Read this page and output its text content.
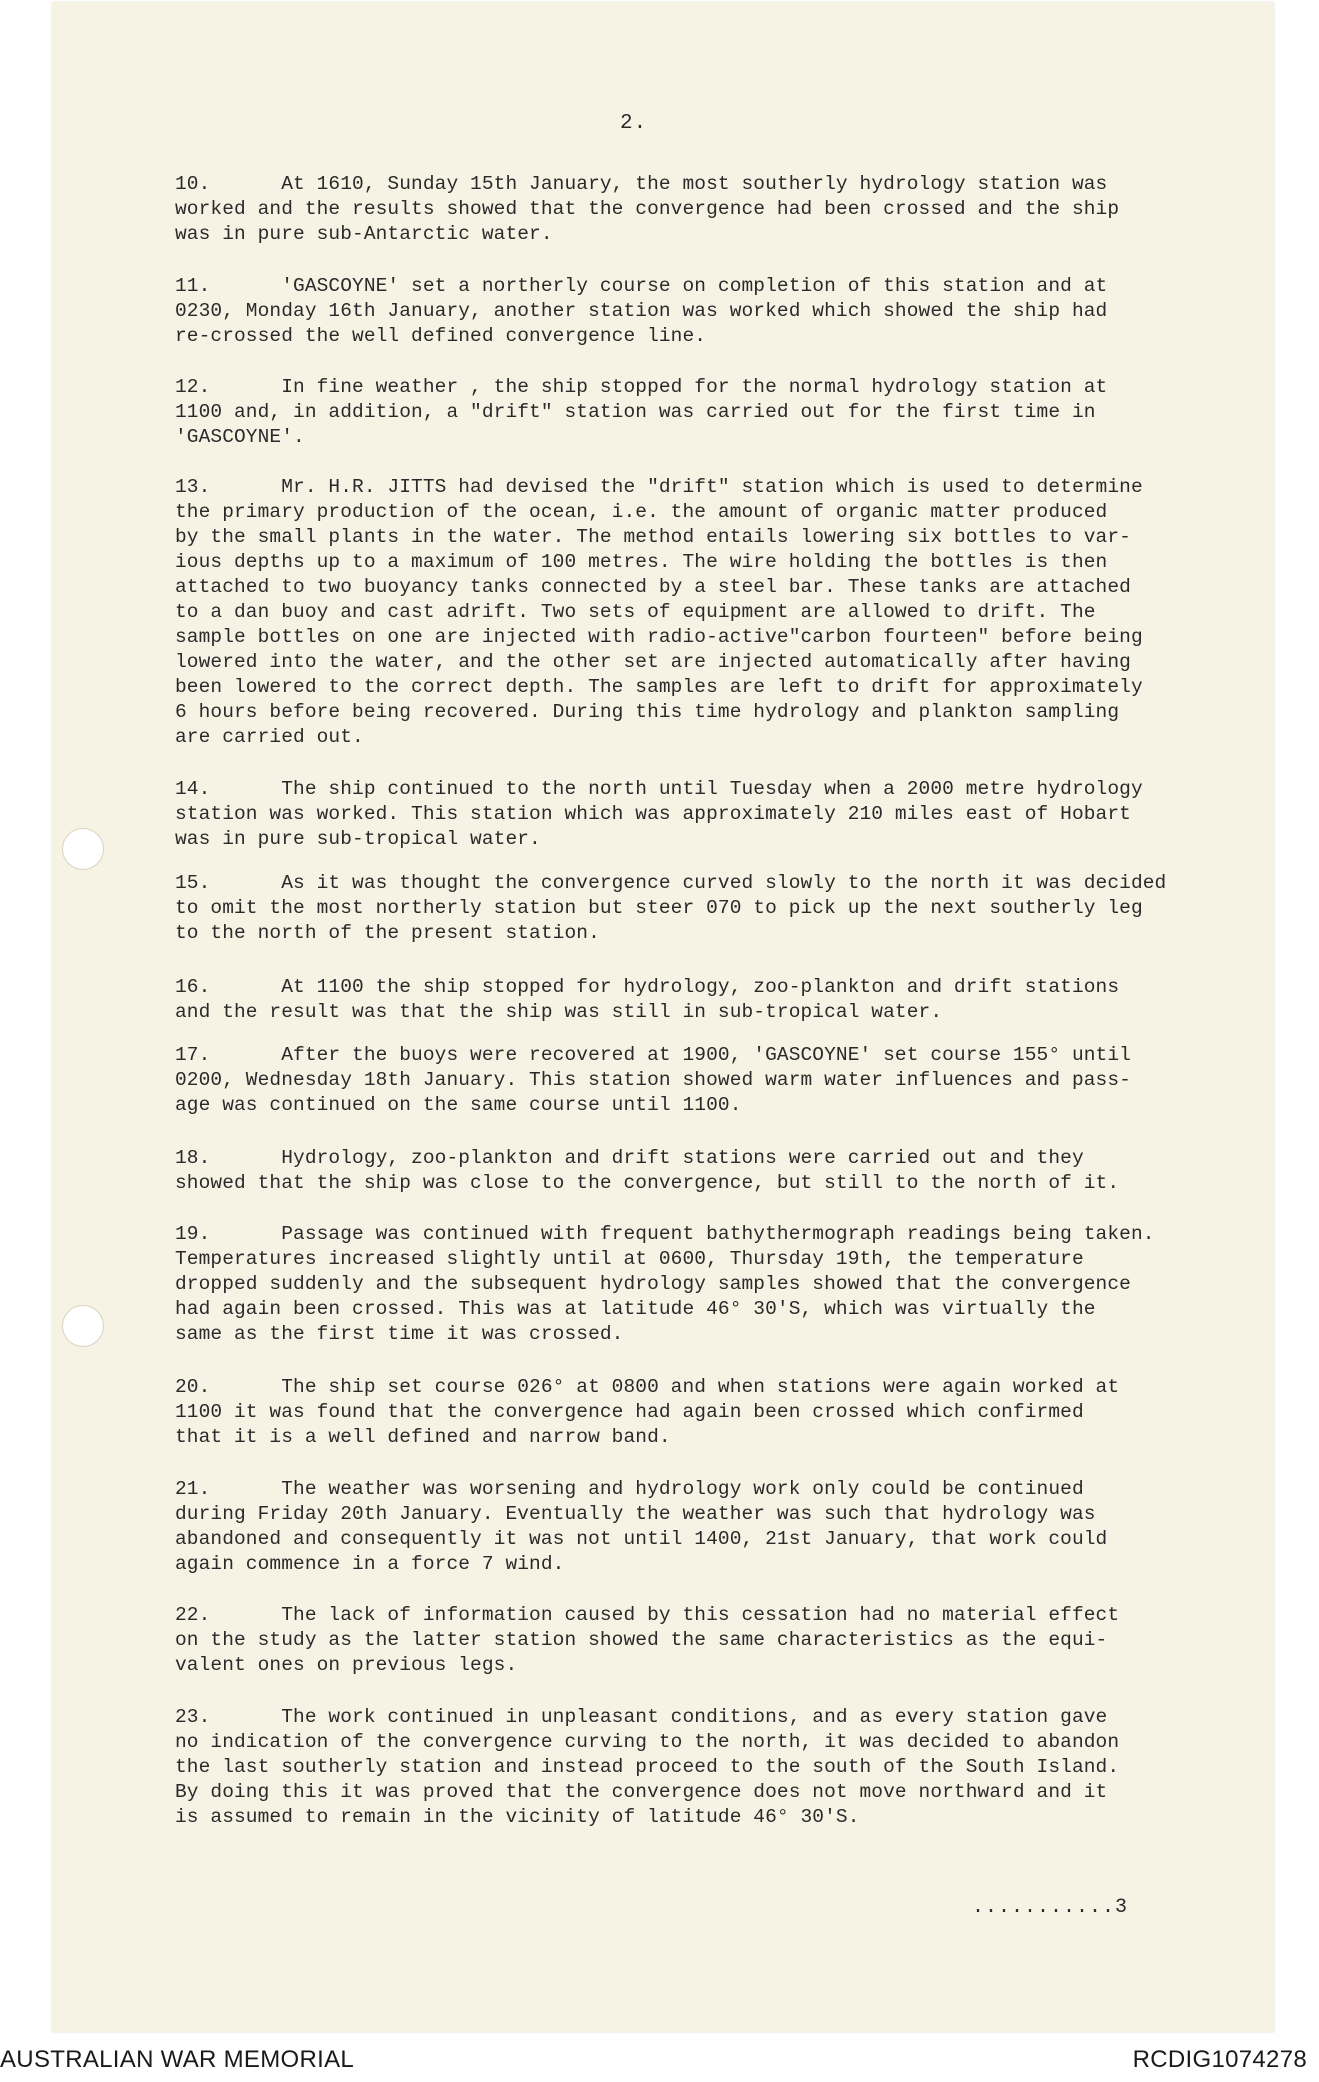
2.
10.	At 1610, Sunday 15th January, the most southerly hydrology station was
worked and the results showed that the convergence had been crossed and the ship
was in pure sub-Antarctic water.
11.	'GASCOYNE' set a northerly course on completion of this station and at
0230, Monday 16th January, another station was worked which showed the ship had
re-crossed the well defined convergence line.
12.	In fine weather , the ship stopped for the normal hydrology station at
1100 and, in addition, a "drift" station was carried out for the first time in
'GASCOYNE'.
13.	Mr. H.R. JITTS had devised the "drift" station which is used to determine
the primary production of the ocean, i.e. the amount of organic matter produced
by the small plants in the water. The method entails lowering six bottles to var-
ious depths up to a maximum of 100 metres. The wire holding the bottles is then
attached to two buoyancy tanks connected by a steel bar. These tanks are attached
to a dan buoy and cast adrift. Two sets of equipment are allowed to drift. The
sample bottles on one are injected with radio-active"carbon fourteen" before being
lowered into the water, and the other set are injected automatically after having
been lowered to the correct depth. The samples are left to drift for approximately
6 hours before being recovered. During this time hydrology and plankton sampling
are carried out.
14.	The ship continued to the north until Tuesday when a 2000 metre hydrology
station was worked. This station which was approximately 210 miles east of Hobart
was in pure sub-tropical water.
15.	As it was thought the convergence curved slowly to the north it was decided
to omit the most northerly station but steer 070 to pick up the next southerly leg
to the north of the present station.
16.	At 1100 the ship stopped for hydrology, zoo-plankton and drift stations
and the result was that the ship was still in sub-tropical water.
17.	After the buoys were recovered at 1900, 'GASCOYNE' set course 155° until
0200, Wednesday 18th January. This station showed warm water influences and pass-
age was continued on the same course until 1100.
18.	Hydrology, zoo-plankton and drift stations were carried out and they
showed that the ship was close to the convergence, but still to the north of it.
19.	Passage was continued with frequent bathythermograph readings being taken.
Temperatures increased slightly until at 0600, Thursday 19th, the temperature
dropped suddenly and the subsequent hydrology samples showed that the convergence
had again been crossed. This was at latitude 46° 30'S, which was virtually the
same as the first time it was crossed.
20.	The ship set course 026° at 0800 and when stations were again worked at
1100 it was found that the convergence had again been crossed which confirmed
that it is a well defined and narrow band.
21.	The weather was worsening and hydrology work only could be continued
during Friday 20th January. Eventually the weather was such that hydrology was
abandoned and consequently it was not until 1400, 21st January, that work could
again commence in a force 7 wind.
22.	The lack of information caused by this cessation had no material effect
on the study as the latter station showed the same characteristics as the equi-
valent ones on previous legs.
23.	The work continued in unpleasant conditions, and as every station gave
no indication of the convergence curving to the north, it was decided to abandon
the last southerly station and instead proceed to the south of the South Island.
By doing this it was proved that the convergence does not move northward and it
is assumed to remain in the vicinity of latitude 46° 30'S.
...........3
AUSTRALIAN WAR MEMORIAL	RCDIG1074278
